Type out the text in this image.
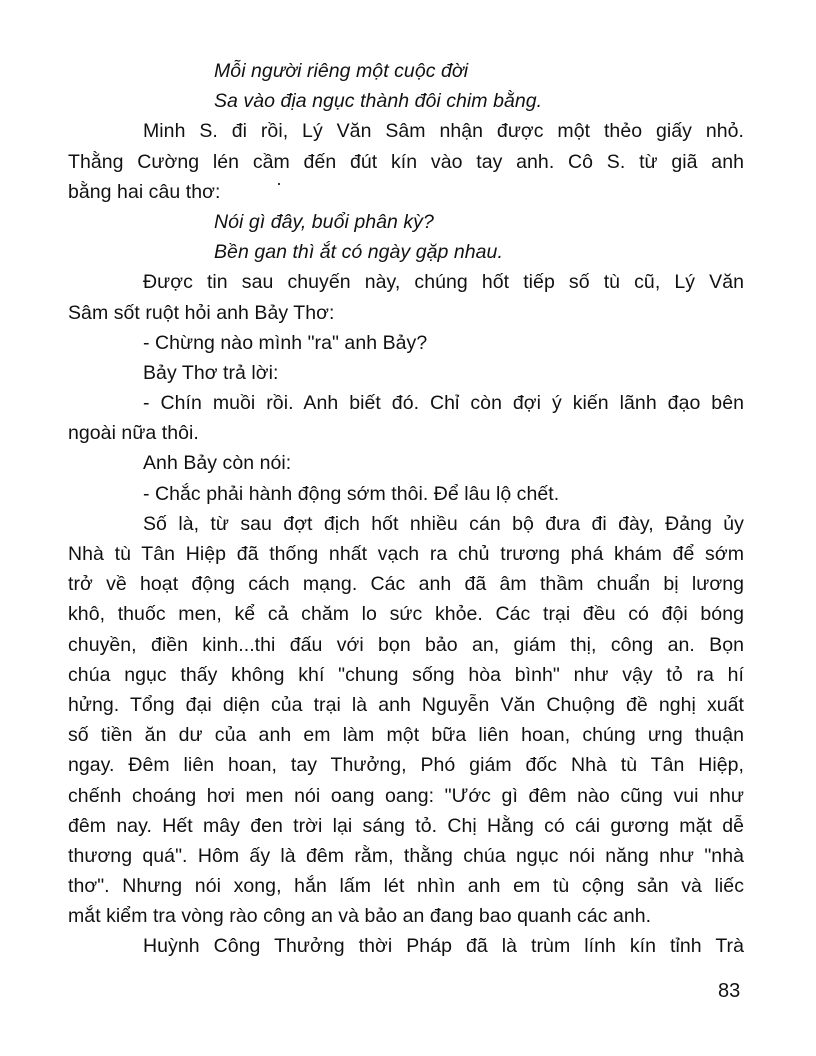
Mỗi người riêng một cuộc đời
Sa vào địa ngục thành đôi chim bằng.
Minh S. đi rồi, Lý Văn Sâm nhận được một thẻo giấy nhỏ.
Thằng Cường lén cầm đến đút kín vào tay anh. Cô S. từ giã anh
bằng hai câu thơ:
Nói gì đây, buổi phân kỳ?
Bền gan thì ắt có ngày gặp nhau.
Được tin sau chuyến này, chúng hốt tiếp số tù cũ, Lý Văn
Sâm sốt ruột hỏi anh Bảy Thơ:
- Chừng nào mình "ra" anh Bảy?
Bảy Thơ trả lời:
- Chín muồi rồi. Anh biết đó. Chỉ còn đợi ý kiến lãnh đạo bên
ngoài nữa thôi.
Anh Bảy còn nói:
- Chắc phải hành động sớm thôi. Để lâu lộ chết.
Số là, từ sau đợt địch hốt nhiều cán bộ đưa đi đày, Đảng ủy
Nhà tù Tân Hiệp đã thống nhất vạch ra chủ trương phá khám để sớm
trở về hoạt động cách mạng. Các anh đã âm thầm chuẩn bị lương
khô, thuốc men, kể cả chăm lo sức khỏe. Các trại đều có đội bóng
chuyền, điền kinh...thi đấu với bọn bảo an, giám thị, công an. Bọn
chúa ngục thấy không khí "chung sống hòa bình" như vậy tỏ ra hí
hửng. Tổng đại diện của trại là anh Nguyễn Văn Chuộng đề nghị xuất
số tiền ăn dư của anh em làm một bữa liên hoan, chúng ưng thuận
ngay. Đêm liên hoan, tay Thưởng, Phó giám đốc Nhà tù Tân Hiệp,
chếnh choáng hơi men nói oang oang: "Ước gì đêm nào cũng vui như
đêm nay. Hết mây đen trời lại sáng tỏ. Chị Hằng có cái gương mặt dễ
thương quá". Hôm ấy là đêm rằm, thằng chúa ngục nói năng như "nhà
thơ". Nhưng nói xong, hắn lấm lét nhìn anh em tù cộng sản và liếc
mắt kiểm tra vòng rào công an và bảo an đang bao quanh các anh.
Huỳnh Công Thưởng thời Pháp đã là trùm lính kín tỉnh Trà
83
